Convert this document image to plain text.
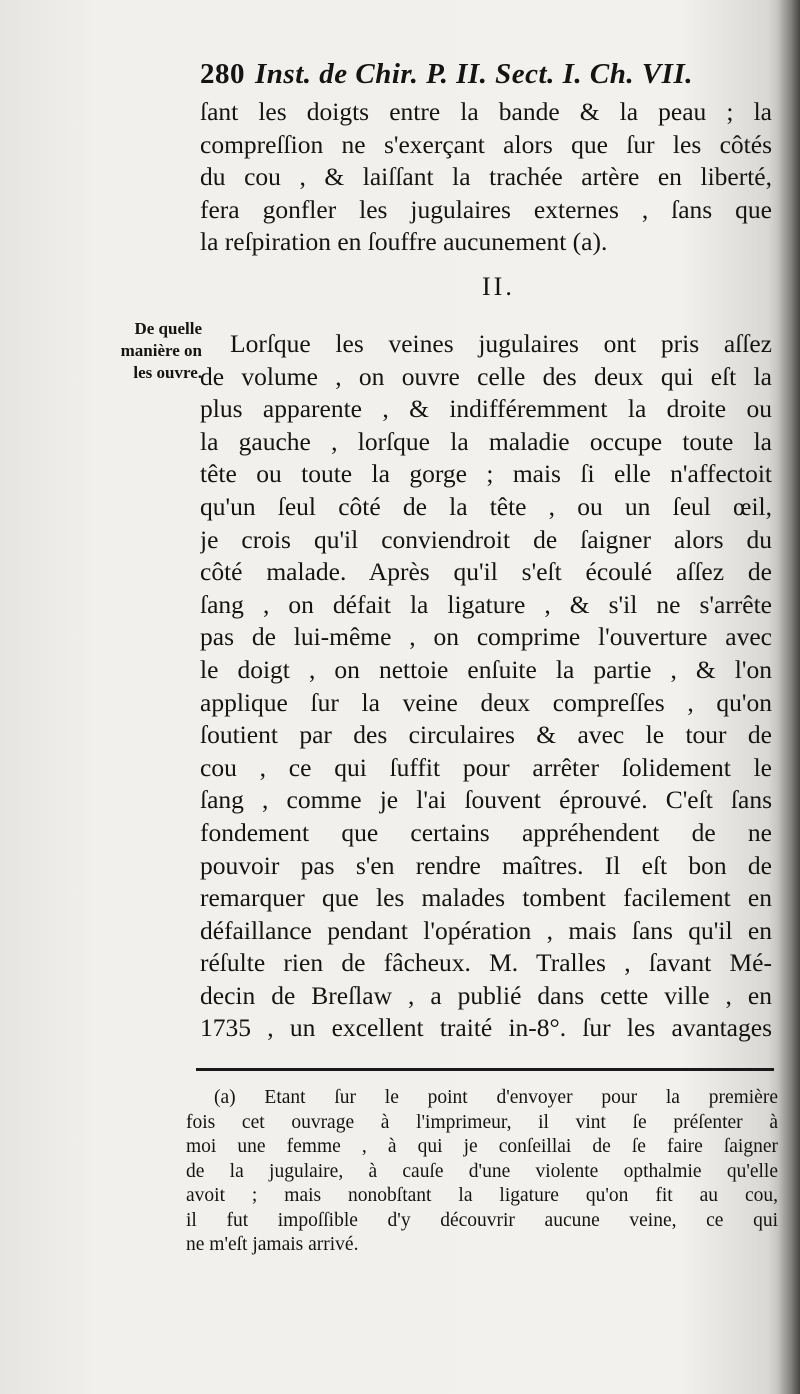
280 Inst. de Chir. P. II. Sect. I. Ch. VII.
ſant les doigts entre la bande & la peau ; la
compreſſion ne s'exerçant alors que ſur les côtés
du cou , & laiſſant la trachée artère en liberté,
fera gonfler les jugulaires externes , ſans que
la reſpiration en ſouffre aucunement (a).
II.
De quelle
manière on
les ouvre.
Lorſque les veines jugulaires ont pris aſſez
de volume , on ouvre celle des deux qui eſt la
plus apparente , & indifféremment la droite ou
la gauche , lorſque la maladie occupe toute la
tête ou toute la gorge ; mais ſi elle n'affectoit
qu'un ſeul côté de la tête , ou un ſeul œil,
je crois qu'il conviendroit de ſaigner alors du
côté malade. Après qu'il s'eſt écoulé aſſez de
ſang , on défait la ligature , & s'il ne s'arrête
pas de lui-même , on comprime l'ouverture avec
le doigt , on nettoie enſuite la partie , & l'on
applique ſur la veine deux compreſſes , qu'on
ſoutient par des circulaires & avec le tour de
cou , ce qui ſuffit pour arrêter ſolidement le
ſang , comme je l'ai ſouvent éprouvé. C'eſt ſans
fondement que certains appréhendent de ne
pouvoir pas s'en rendre maîtres. Il eſt bon de
remarquer que les malades tombent facilement en
défaillance pendant l'opération , mais ſans qu'il en
réſulte rien de fâcheux. M. Tralles , ſavant Mé-
decin de Breſlaw , a publié dans cette ville , en
1735 , un excellent traité in-8°. ſur les avantages
(a) Etant ſur le point d'envoyer pour la première
fois cet ouvrage à l'imprimeur, il vint ſe préſenter à
moi une femme , à qui je conſeillai de ſe faire ſaigner
de la jugulaire, à cauſe d'une violente opthalmie qu'elle
avoit ; mais nonobſtant la ligature qu'on fit au cou,
il fut impoſſible d'y découvrir aucune veine, ce qui
ne m'eſt jamais arrivé.
